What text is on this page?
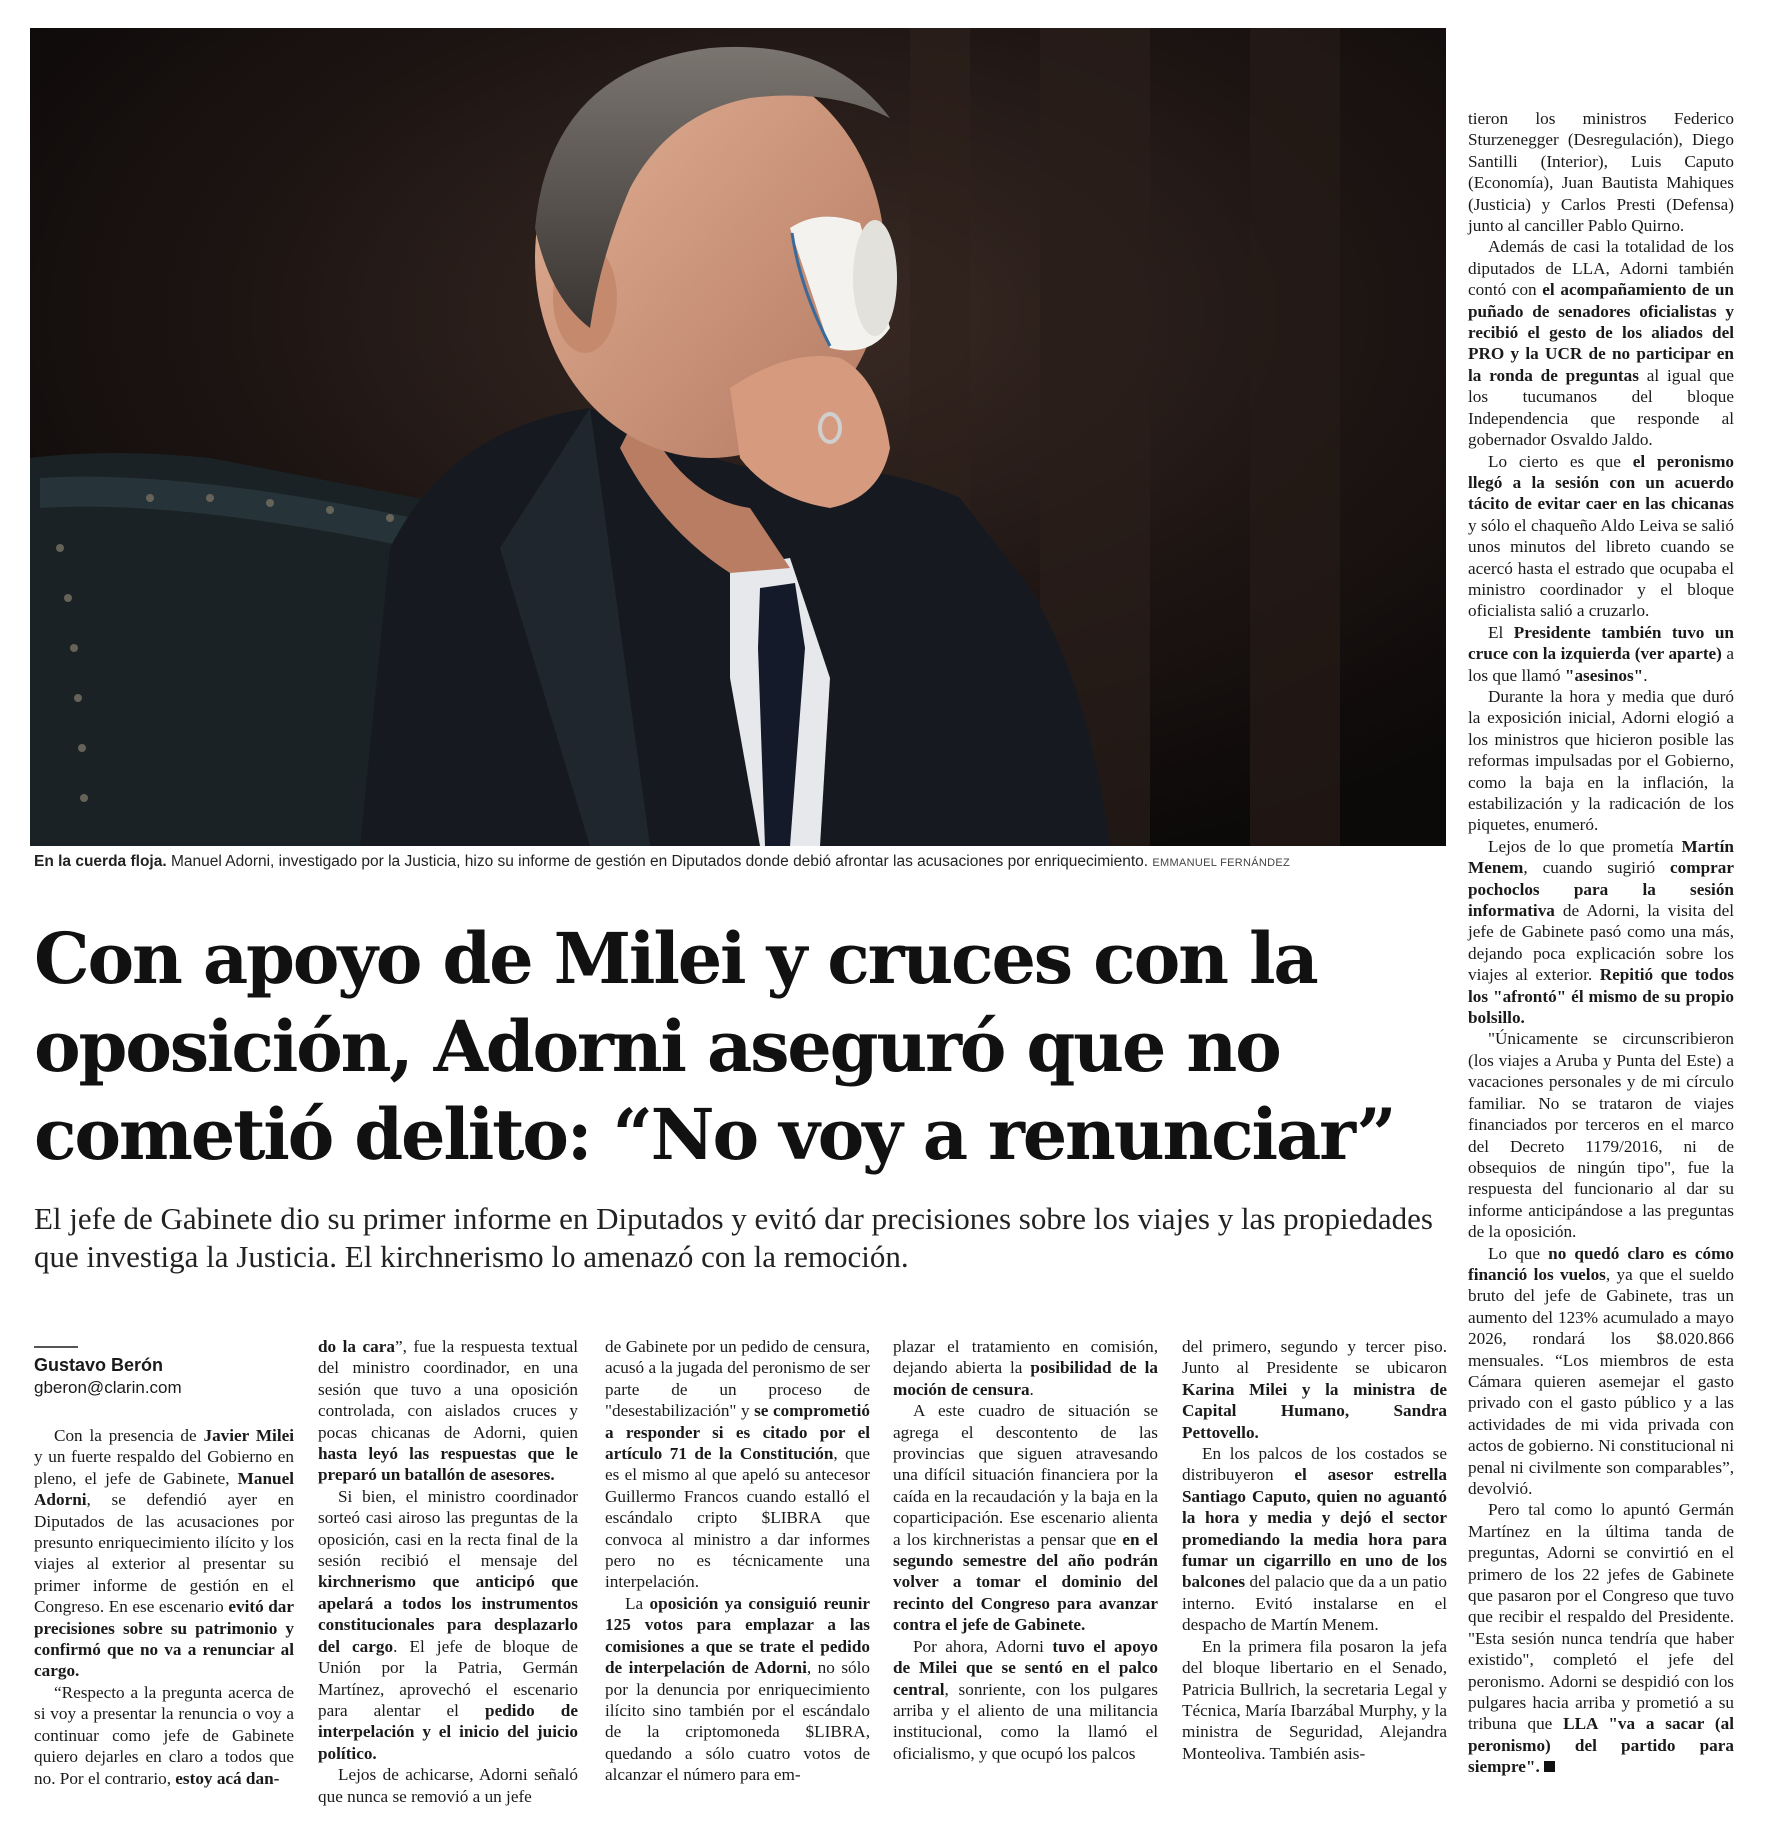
En la cuerda floja. Manuel Adorni, investigado por la Justicia, hizo su informe de gestión en Diputados donde debió afrontar las acusaciones por enriquecimiento. EMMANUEL FERNÁNDEZ
Con apoyo de Milei y cruces con la
oposición, Adorni aseguró que no
cometió delito: “No voy a renunciar”

El jefe de Gabinete dio su primer informe en Diputados y evitó dar precisiones sobre los viajes y las propiedades que investiga la Justicia. El kirchnerismo lo amenazó con la remoción.

Gustavo Berón
gberon@clarin.com

Con la presencia de Javier Milei y un fuerte respaldo del Gobierno en pleno, el jefe de Gabinete, Manuel Adorni, se defendió ayer en Diputados de las acusaciones por presunto enriquecimiento ilícito y los viajes al exterior al presentar su primer informe de gestión en el Congreso. En ese escenario evitó dar precisiones sobre su patrimonio y confirmó que no va a renunciar al cargo.

“Respecto a la pregunta acerca de si voy a presentar la renuncia o voy a continuar como jefe de Gabinete quiero dejarles en claro a todos que no. Por el contrario, estoy acá dan-

do la cara”, fue la respuesta textual del ministro coordinador, en una sesión que tuvo a una oposición controlada, con aislados cruces y pocas chicanas de Adorni, quien hasta leyó las respuestas que le preparó un batallón de asesores.

Si bien, el ministro coordinador sorteó casi airoso las preguntas de la oposición, casi en la recta final de la sesión recibió el mensaje del kirchnerismo que anticipó que apelará a todos los instrumentos constitucionales para desplazarlo del cargo. El jefe de bloque de Unión por la Patria, Germán Martínez, aprovechó el escenario para alentar el pedido de interpelación y el inicio del juicio político.

Lejos de achicarse, Adorni señaló que nunca se removió a un jefe

de Gabinete por un pedido de censura, acusó a la jugada del peronismo de ser parte de un proceso de "desestabilización" y se comprometió a responder si es citado por el artículo 71 de la Constitución, que es el mismo al que apeló su antecesor Guillermo Francos cuando estalló el escándalo cripto $LIBRA que convoca al ministro a dar informes pero no es técnicamente una interpelación.

La oposición ya consiguió reunir 125 votos para emplazar a las comisiones a que se trate el pedido de interpelación de Adorni, no sólo por la denuncia por enriquecimiento ilícito sino también por el escándalo de la criptomoneda $LIBRA, quedando a sólo cuatro votos de alcanzar el número para em-

plazar el tratamiento en comisión, dejando abierta la posibilidad de la moción de censura.

A este cuadro de situación se agrega el descontento de las provincias que siguen atravesando una difícil situación financiera por la caída en la recaudación y la baja en la coparticipación. Ese escenario alienta a los kirchneristas a pensar que en el segundo semestre del año podrán volver a tomar el dominio del recinto del Congreso para avanzar contra el jefe de Gabinete.

Por ahora, Adorni tuvo el apoyo de Milei que se sentó en el palco central, sonriente, con los pulgares arriba y el aliento de una militancia institucional, como la llamó el oficialismo, y que ocupó los palcos

del primero, segundo y tercer piso. Junto al Presidente se ubicaron Karina Milei y la ministra de Capital Humano, Sandra Pettovello.

En los palcos de los costados se distribuyeron el asesor estrella Santiago Caputo, quien no aguantó la hora y media y dejó el sector promediando la media hora para fumar un cigarrillo en uno de los balcones del palacio que da a un patio interno. Evitó instalarse en el despacho de Martín Menem.

En la primera fila posaron la jefa del bloque libertario en el Senado, Patricia Bullrich, la secretaria Legal y Técnica, María Ibarzábal Murphy, y la ministra de Seguridad, Alejandra Monteoliva. También asis-

tieron los ministros Federico Sturzenegger (Desregulación), Diego Santilli (Interior), Luis Caputo (Economía), Juan Bautista Mahiques (Justicia) y Carlos Presti (Defensa) junto al canciller Pablo Quirno.

Además de casi la totalidad de los diputados de LLA, Adorni también contó con el acompañamiento de un puñado de senadores oficialistas y recibió el gesto de los aliados del PRO y la UCR de no participar en la ronda de preguntas al igual que los tucumanos del bloque Independencia que responde al gobernador Osvaldo Jaldo.

Lo cierto es que el peronismo llegó a la sesión con un acuerdo tácito de evitar caer en las chicanas y sólo el chaqueño Aldo Leiva se salió unos minutos del libreto cuando se acercó hasta el estrado que ocupaba el ministro coordinador y el bloque oficialista salió a cruzarlo.

El Presidente también tuvo un cruce con la izquierda (ver aparte) a los que llamó "asesinos".

Durante la hora y media que duró la exposición inicial, Adorni elogió a los ministros que hicieron posible las reformas impulsadas por el Gobierno, como la baja en la inflación, la estabilización y la radicación de los piquetes, enumeró.

Lejos de lo que prometía Martín Menem, cuando sugirió comprar pochoclos para la sesión informativa de Adorni, la visita del jefe de Gabinete pasó como una más, dejando poca explicación sobre los viajes al exterior. Repitió que todos los "afrontó" él mismo de su propio bolsillo.

"Únicamente se circunscribieron (los viajes a Aruba y Punta del Este) a vacaciones personales y de mi círculo familiar. No se trataron de viajes financiados por terceros en el marco del Decreto 1179/2016, ni de obsequios de ningún tipo", fue la respuesta del funcionario al dar su informe anticipándose a las preguntas de la oposición.

Lo que no quedó claro es cómo financió los vuelos, ya que el sueldo bruto del jefe de Gabinete, tras un aumento del 123% acumulado a mayo 2026, rondará los $8.020.866 mensuales. “Los miembros de esta Cámara quieren asemejar el gasto privado con el gasto público y a las actividades de mi vida privada con actos de gobierno. Ni constitucional ni penal ni civilmente son comparables”, devolvió.

Pero tal como lo apuntó Germán Martínez en la última tanda de preguntas, Adorni se convirtió en el primero de los 22 jefes de Gabinete que pasaron por el Congreso que tuvo que recibir el respaldo del Presidente. "Esta sesión nunca tendría que haber existido", completó el jefe del peronismo. Adorni se despidió con los pulgares hacia arriba y prometió a su tribuna que LLA "va a sacar (al peronismo) del partido para siempre".
